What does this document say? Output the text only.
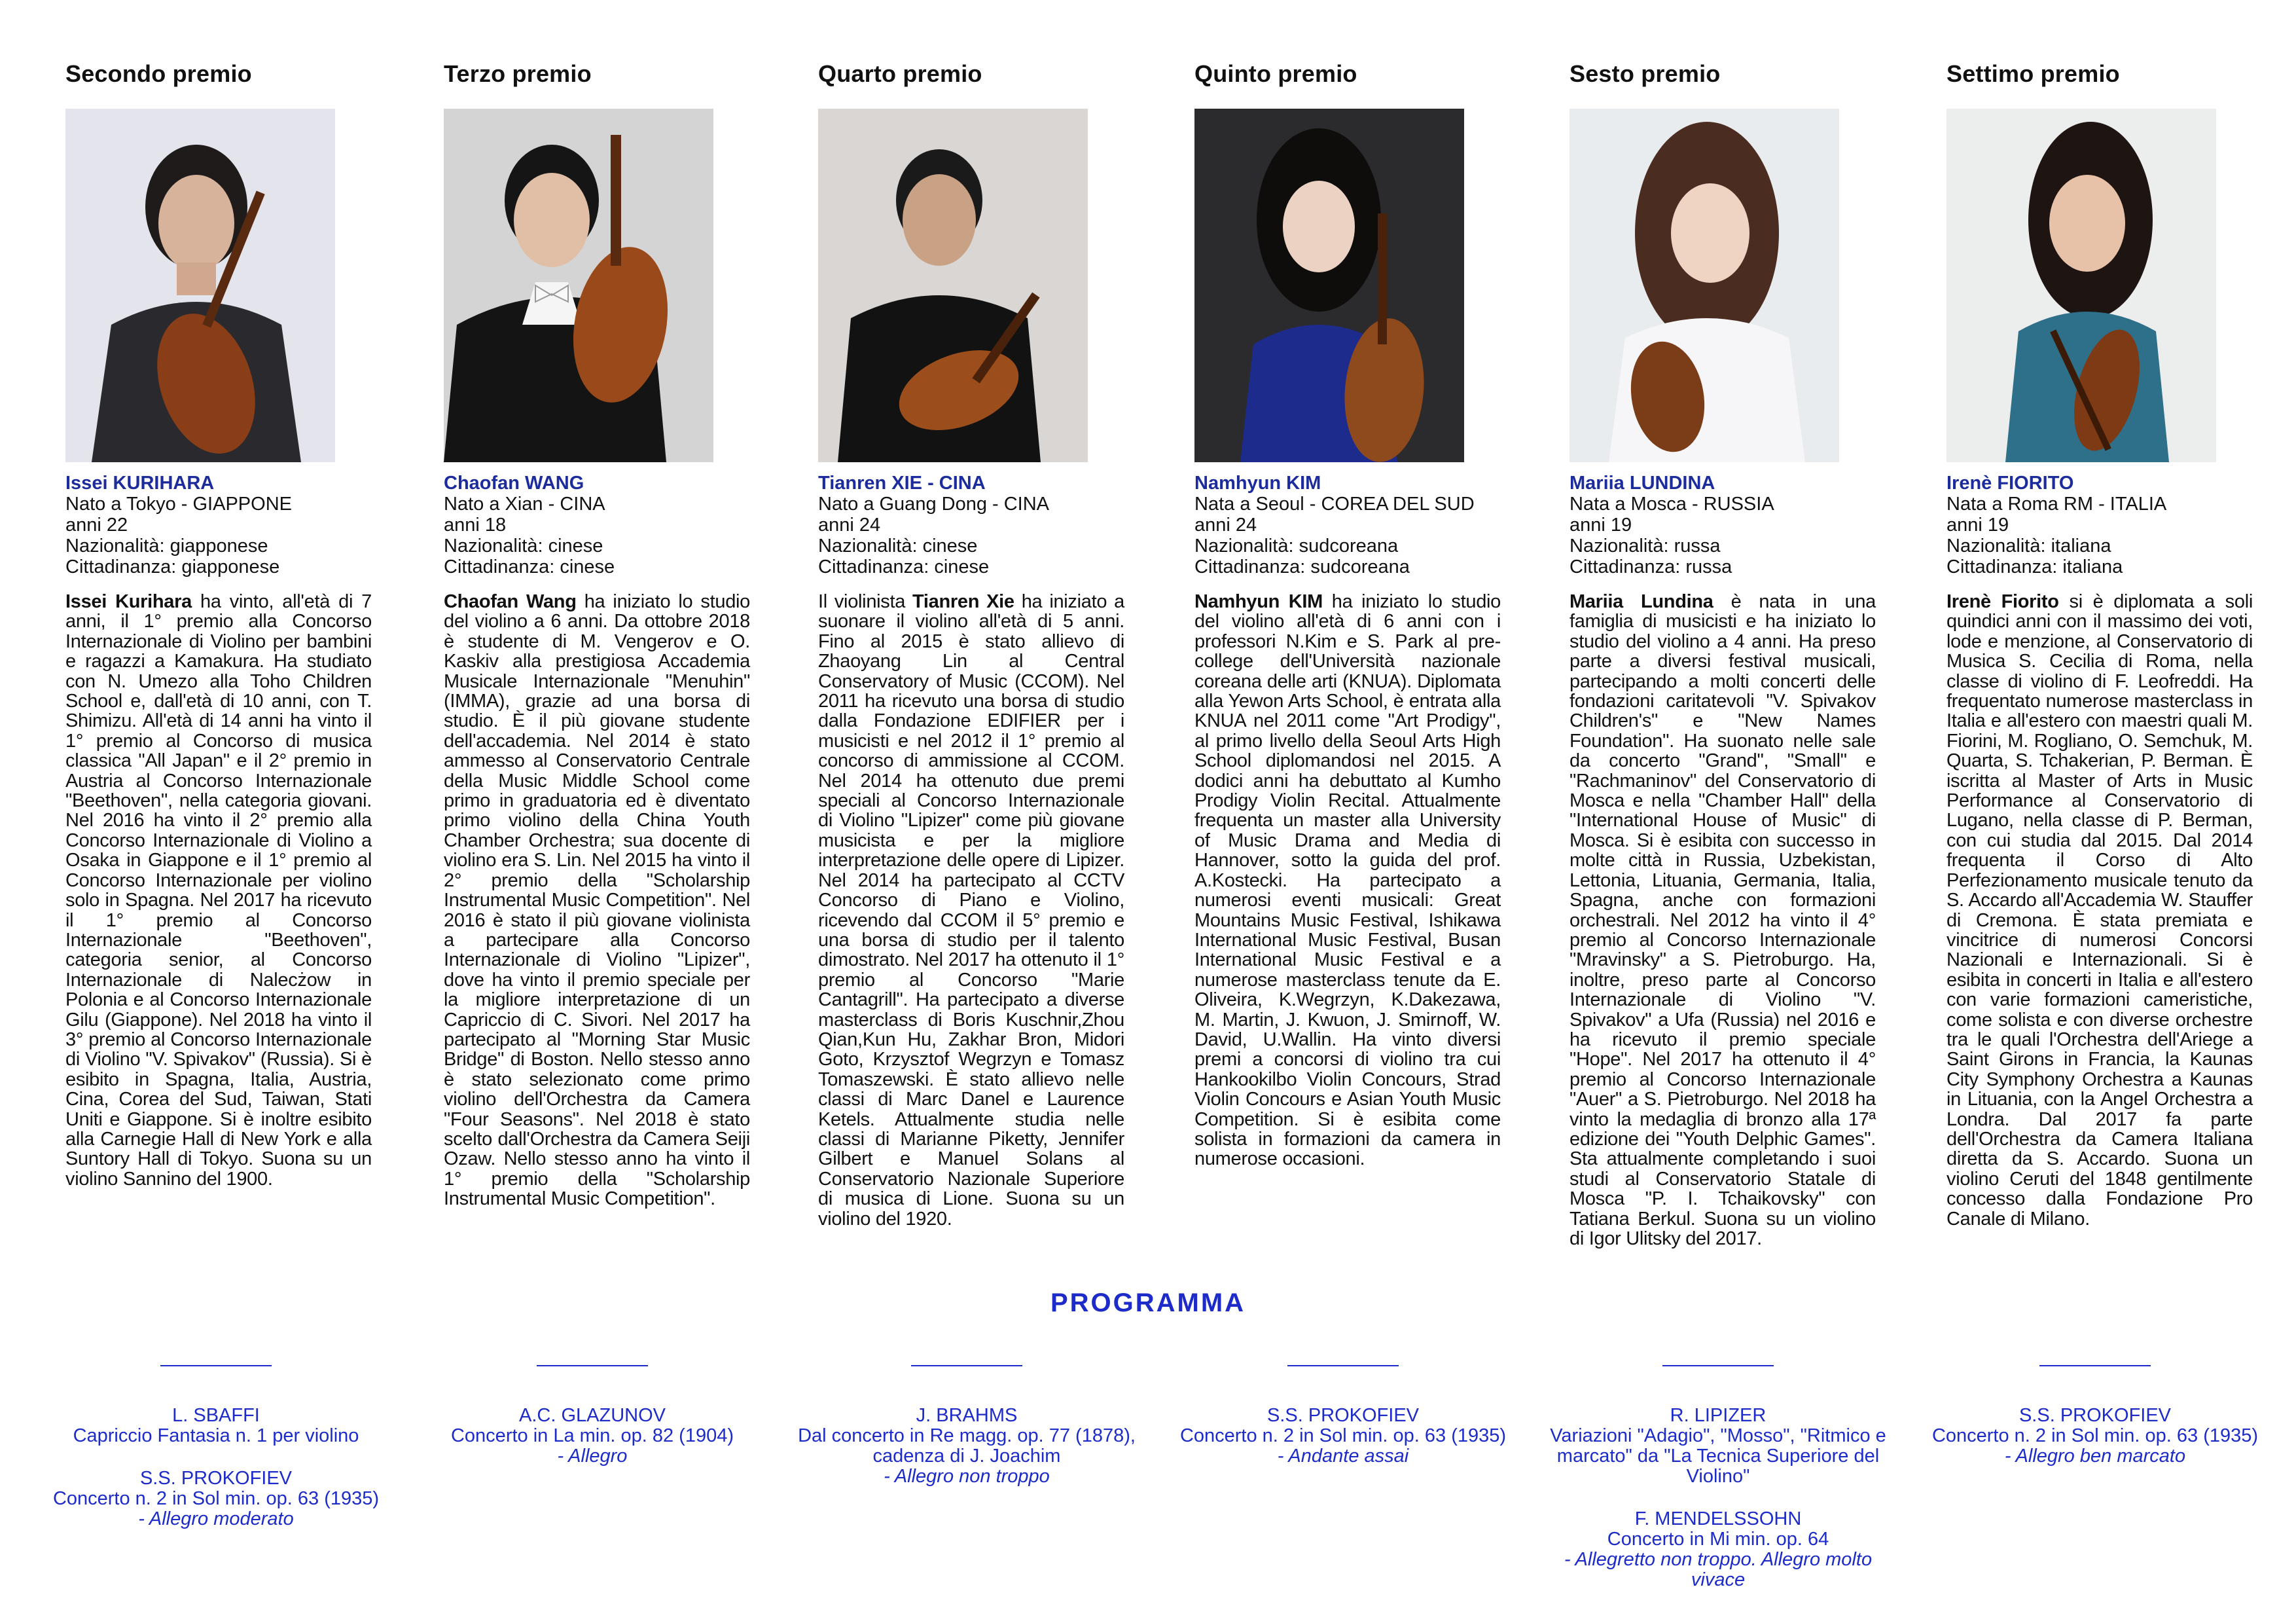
Secondo premio
Issei KURIHARA
Nato a Tokyo - GIAPPONE
anni 22
Nazionalità: giapponese
Cittadinanza: giapponese

Issei Kurihara ha vinto, all'età di 7 anni, il 1° premio alla Concorso Internazionale di Violino per bambini e ragazzi a Kamakura. Ha studiato con N. Umezo alla Toho Children School e, dall'età di 10 anni, con T. Shimizu. All'età di 14 anni ha vinto il 1° premio al Concorso di musica classica "All Japan" e il 2° premio in Austria al Concorso Internazionale "Beethoven", nella categoria giovani. Nel 2016 ha vinto il 2° premio alla Concorso Internazionale di Violino a Osaka in Giappone e il 1° premio al Concorso Internazionale per violino solo in Spagna. Nel 2017 ha ricevuto il 1° premio al Concorso Internazionale "Beethoven", categoria senior, al Concorso Internazionale di Nalecżow in Polonia e al Concorso Internazionale Gilu (Giappone). Nel 2018 ha vinto il 3° premio al Concorso Internazionale di Violino "V. Spivakov" (Russia). Si è esibito in Spagna, Italia, Austria, Cina, Corea del Sud, Taiwan, Stati Uniti e Giappone. Si è inoltre esibito alla Carnegie Hall di New York e alla Suntory Hall di Tokyo. Suona su un violino Sannino del 1900.

Terzo premio
Chaofan WANG
Nato a Xian - CINA
anni 18
Nazionalità: cinese
Cittadinanza: cinese

Chaofan Wang ha iniziato lo studio del violino a 6 anni. Da ottobre 2018 è studente di M. Vengerov e O. Kaskiv alla prestigiosa Accademia Musicale Internazionale "Menuhin" (IMMA), grazie ad una borsa di studio. È il più giovane studente dell'accademia. Nel 2014 è stato ammesso al Conservatorio Centrale della Music Middle School come primo in graduatoria ed è diventato primo violino della China Youth Chamber Orchestra; sua docente di violino era S. Lin. Nel 2015 ha vinto il 2° premio della "Scholarship Instrumental Music Competition". Nel 2016 è stato il più giovane violinista a partecipare alla Concorso Internazionale di Violino "Lipizer", dove ha vinto il premio speciale per la migliore interpretazione di un Capriccio di C. Sivori. Nel 2017 ha partecipato al "Morning Star Music Bridge" di Boston. Nello stesso anno è stato selezionato come primo violino dell'Orchestra da Camera "Four Seasons". Nel 2018 è stato scelto dall'Orchestra da Camera Seiji Ozaw. Nello stesso anno ha vinto il 1° premio della "Scholarship Instrumental Music Competition".

Quarto premio
Tianren XIE - CINA
Nato a Guang Dong - CINA
anni 24
Nazionalità: cinese
Cittadinanza: cinese

Il violinista Tianren Xie ha iniziato a suonare il violino all'età di 5 anni. Fino al 2015 è stato allievo di Zhaoyang Lin al Central Conservatory of Music (CCOM). Nel 2011 ha ricevuto una borsa di studio dalla Fondazione EDIFIER per i musicisti e nel 2012 il 1° premio al concorso di ammissione al CCOM. Nel 2014 ha ottenuto due premi speciali al Concorso Internazionale di Violino "Lipizer" come più giovane musicista e per la migliore interpretazione delle opere di Lipizer. Nel 2014 ha partecipato al CCTV Concorso di Piano e Violino, ricevendo dal CCOM il 5° premio e una borsa di studio per il talento dimostrato. Nel 2017 ha ottenuto il 1° premio al Concorso "Marie Cantagrill". Ha partecipato a diverse masterclass di Boris Kuschnir,Zhou Qian,Kun Hu, Zakhar Bron, Midori Goto, Krzysztof Wegrzyn e Tomasz Tomaszewski. È stato allievo nelle classi di Marc Danel e Laurence Ketels. Attualmente studia nelle classi di Marianne Piketty, Jennifer Gilbert e Manuel Solans al Conservatorio Nazionale Superiore di musica di Lione. Suona su un violino del 1920.

Quinto premio
Namhyun KIM
Nata a Seoul - COREA DEL SUD
anni 24
Nazionalità: sudcoreana
Cittadinanza: sudcoreana

Namhyun KIM ha iniziato lo studio del violino all'età di 6 anni con i professori N.Kim e S. Park al pre-college dell'Università nazionale coreana delle arti (KNUA). Diplomata alla Yewon Arts School, è entrata alla KNUA nel 2011 come "Art Prodigy", al primo livello della Seoul Arts High School diplomandosi nel 2015. A dodici anni ha debuttato al Kumho Prodigy Violin Recital. Attualmente frequenta un master alla University of Music Drama and Media di Hannover, sotto la guida del prof. A.Kostecki. Ha partecipato a numerosi eventi musicali: Great Mountains Music Festival, Ishikawa International Music Festival, Busan International Music Festival e a numerose masterclass tenute da E. Oliveira, K.Wegrzyn, K.Dakezawa, M. Martin, J. Kwuon, J. Smirnoff, W. David, U.Wallin. Ha vinto diversi premi a concorsi di violino tra cui Hankookilbo Violin Concours, Strad Violin Concours e Asian Youth Music Competition. Si è esibita come solista in formazioni da camera in numerose occasioni.

Sesto premio
Mariia LUNDINA
Nata a Mosca - RUSSIA
anni 19
Nazionalità: russa
Cittadinanza: russa

Mariia Lundina è nata in una famiglia di musicisti e ha iniziato lo studio del violino a 4 anni. Ha preso parte a diversi festival musicali, partecipando a molti concerti delle fondazioni caritatevoli "V. Spivakov Children's" e "New Names Foundation". Ha suonato nelle sale da concerto "Grand", "Small" e "Rachmaninov" del Conservatorio di Mosca e nella "Chamber Hall" della "International House of Music" di Mosca. Si è esibita con successo in molte città in Russia, Uzbekistan, Lettonia, Lituania, Germania, Italia, Spagna, anche con formazioni orchestrali. Nel 2012 ha vinto il 4° premio al Concorso Internazionale "Mravinsky" a S. Pietroburgo. Ha, inoltre, preso parte al Concorso Internazionale di Violino "V. Spivakov" a Ufa (Russia) nel 2016 e ha ricevuto il premio speciale "Hope". Nel 2017 ha ottenuto il 4° premio al Concorso Internazionale "Auer" a S. Pietroburgo. Nel 2018 ha vinto la medaglia di bronzo alla 17ª edizione dei "Youth Delphic Games". Sta attualmente completando i suoi studi al Conservatorio Statale di Mosca "P. I. Tchaikovsky" con Tatiana Berkul. Suona su un violino di Igor Ulitsky del 2017.

Settimo premio
Irenè FIORITO
Nata a Roma RM - ITALIA
anni 19
Nazionalità: italiana
Cittadinanza: italiana

Irenè Fiorito si è diplomata a soli quindici anni con il massimo dei voti, lode e menzione, al Conservatorio di Musica S. Cecilia di Roma, nella classe di violino di F. Leofreddi. Ha frequentato numerose masterclass in Italia e all'estero con maestri quali M. Fiorini, M. Rogliano, O. Semchuk, M. Quarta, S. Tchakerian, P. Berman. È iscritta al Master of Arts in Music Performance al Conservatorio di Lugano, nella classe di P. Berman, con cui studia dal 2015. Dal 2014 frequenta il Corso di Alto Perfezionamento musicale tenuto da S. Accardo all'Accademia W. Stauffer di Cremona. È stata premiata e vincitrice di numerosi Concorsi Nazionali e Internazionali. Si è esibita in concerti in Italia e all'estero con varie formazioni cameristiche, come solista e con diverse orchestre tra le quali l'Orchestra dell'Ariege a Saint Girons in Francia, la Kaunas City Symphony Orchestra a Kaunas in Lituania, con la Angel Orchestra a Londra. Dal 2017 fa parte dell'Orchestra da Camera Italiana diretta da S. Accardo. Suona un violino Ceruti del 1848 gentilmente concesso dalla Fondazione Pro Canale di Milano.

PROGRAMMA
L. SBAFFI
Capriccio Fantasia n. 1 per violino
S.S. PROKOFIEV
Concerto n. 2 in Sol min. op. 63 (1935)
- Allegro moderato
A.C. GLAZUNOV
Concerto in La min. op. 82 (1904)
- Allegro
J. BRAHMS
Dal concerto in Re magg. op. 77 (1878), cadenza di J. Joachim
- Allegro non troppo
S.S. PROKOFIEV
Concerto n. 2 in Sol min. op. 63 (1935)
- Andante assai
R. LIPIZER
Variazioni "Adagio", "Mosso", "Ritmico e marcato" da "La Tecnica Superiore del Violino"
F. MENDELSSOHN
Concerto in Mi min. op. 64
- Allegretto non troppo. Allegro molto vivace
S.S. PROKOFIEV
Concerto n. 2 in Sol min. op. 63 (1935)
- Allegro ben marcato
